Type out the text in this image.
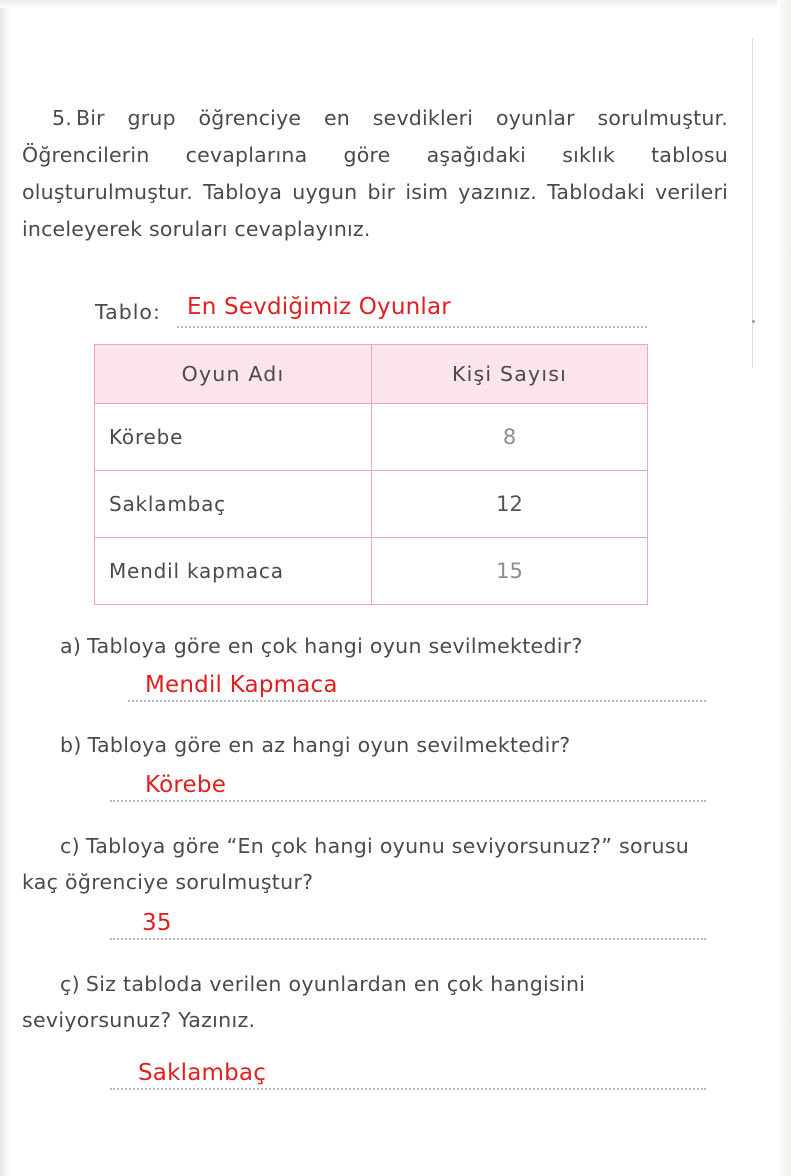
5. Bir grup öğrenciye en sevdikleri oyunlar sorulmuştur. Öğrencilerin cevaplarına göre aşağıdaki sıklık tablosu oluşturulmuştur. Tabloya uygun bir isim yazınız. Tablodaki verileri inceleyerek soruları cevaplayınız.
Tablo: En Sevdiğimiz Oyunlar
Oyun Adı	Kişi Sayısı
Körebe	8
Saklambaç	12
Mendil kapmaca	15
a) Tabloya göre en çok hangi oyun sevilmektedir?
Mendil Kapmaca
b) Tabloya göre en az hangi oyun sevilmektedir?
Körebe
c) Tabloya göre “En çok hangi oyunu seviyorsunuz?” sorusu kaç öğrenciye sorulmuştur?
35
ç) Siz tabloda verilen oyunlardan en çok hangisini seviyorsunuz? Yazınız.
Saklambaç
